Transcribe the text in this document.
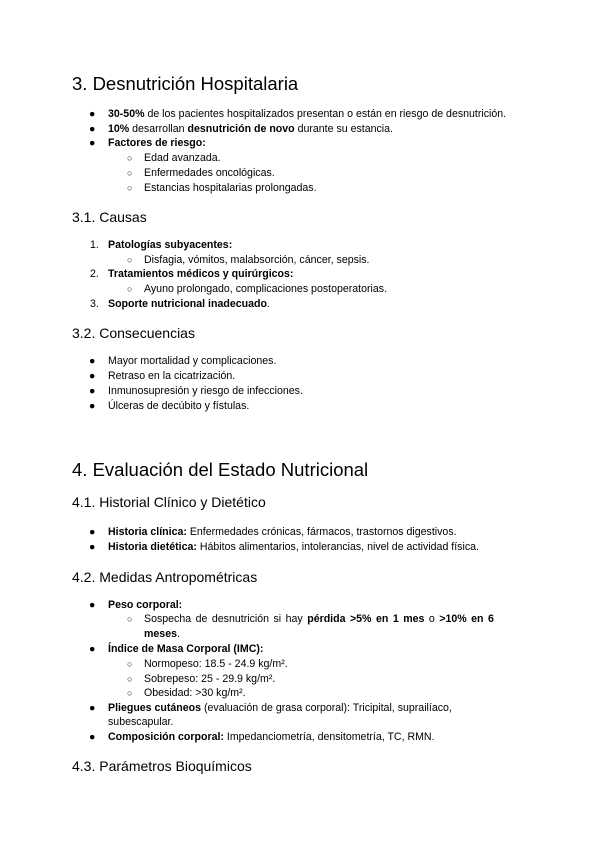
3. Desnutrición Hospitalaria
● 30-50% de los pacientes hospitalizados presentan o están en riesgo de desnutrición.
● 10% desarrollan desnutrición de novo durante su estancia.
● Factores de riesgo:
○ Edad avanzada.
○ Enfermedades oncológicas.
○ Estancias hospitalarias prolongadas.
3.1. Causas
1. Patologías subyacentes:
○ Disfagia, vómitos, malabsorción, cáncer, sepsis.
2. Tratamientos médicos y quirúrgicos:
○ Ayuno prolongado, complicaciones postoperatorias.
3. Soporte nutricional inadecuado.
3.2. Consecuencias
● Mayor mortalidad y complicaciones.
● Retraso en la cicatrización.
● Inmunosupresión y riesgo de infecciones.
● Úlceras de decúbito y fístulas.
4. Evaluación del Estado Nutricional
4.1. Historial Clínico y Dietético
● Historia clínica: Enfermedades crónicas, fármacos, trastornos digestivos.
● Historia dietética: Hábitos alimentarios, intolerancias, nivel de actividad física.
4.2. Medidas Antropométricas
● Peso corporal:
○ Sospecha de desnutrición si hay pérdida >5% en 1 mes o >10% en 6
meses.
● Índice de Masa Corporal (IMC):
○ Normopeso: 18.5 - 24.9 kg/m².
○ Sobrepeso: 25 - 29.9 kg/m².
○ Obesidad: >30 kg/m².
● Pliegues cutáneos (evaluación de grasa corporal): Tricipital, suprailíaco,
subescapular.
● Composición corporal: Impedanciometría, densitometría, TC, RMN.
4.3. Parámetros Bioquímicos
